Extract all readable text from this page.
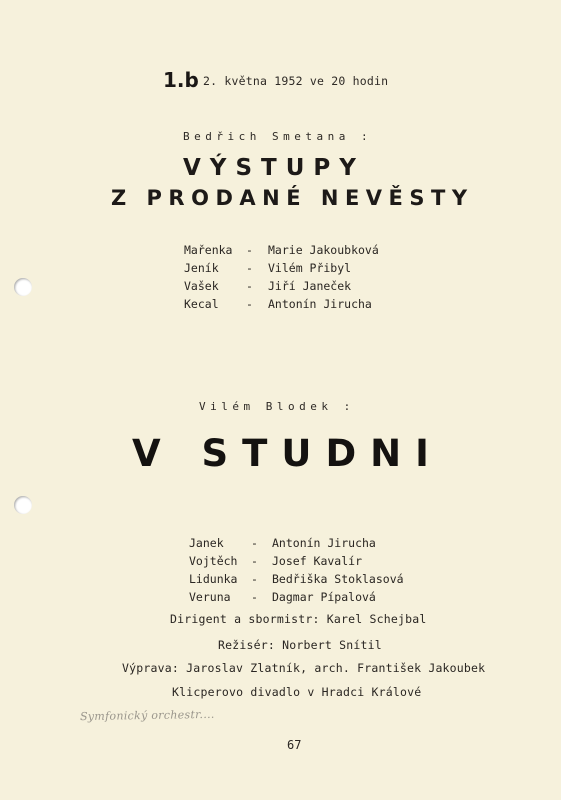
1.b 2. května 1952 ve 20 hodin
Bedřich Smetana :
VÝSTUPY
Z PRODANÉ NEVĚSTY
Mařenka - Marie Jakoubková
Jeník - Vilém Přibyl
Vašek - Jiří Janeček
Kecal - Antonín Jirucha
Vilém Blodek :
V STUDNI
Janek - Antonín Jirucha
Vojtěch - Josef Kavalír
Lidunka - Bedřiška Stoklasová
Veruna - Dagmar Pípalová
Dirigent a sbormistr: Karel Schejbal
Režisér: Norbert Snítil
Výprava: Jaroslav Zlatník, arch. František Jakoubek
Klicperovo divadlo v Hradci Králové
Symfonický orchestr....
67
